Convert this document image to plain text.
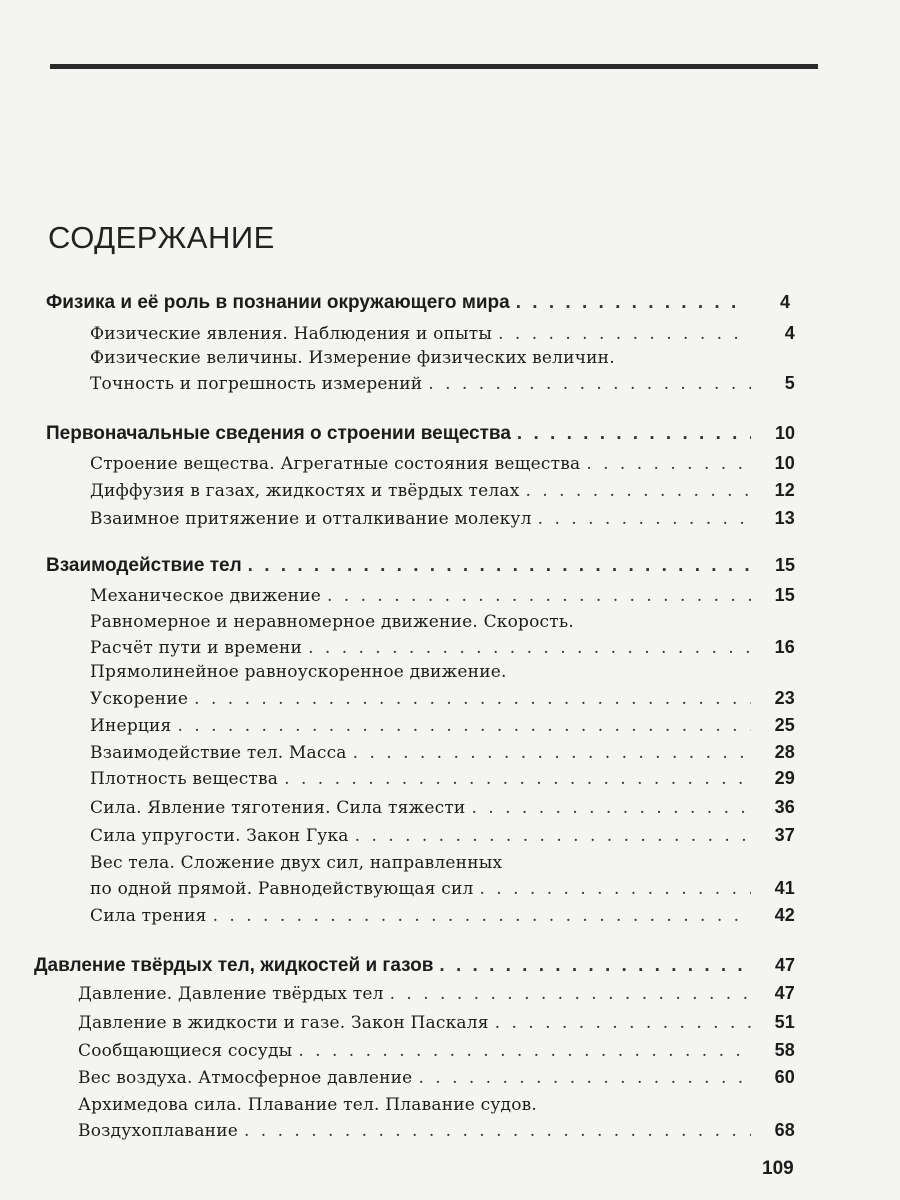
СОДЕРЖАНИЕ
Физика и её роль в познании окружающего мира . . .	4
Физические явления. Наблюдения и опыты . . .	4
Физические величины. Измерение физических величин.
Точность и погрешность измерений . . .	5
Первоначальные сведения о строении вещества . . .	10
Строение вещества. Агрегатные состояния вещества . . .	10
Диффузия в газах, жидкостях и твёрдых телах . . .	12
Взаимное притяжение и отталкивание молекул . . .	13
Взаимодействие тел . . .	15
Механическое движение . . .	15
Равномерное и неравномерное движение. Скорость.
Расчёт пути и времени . . .	16
Прямолинейное равноускоренное движение.
Ускорение . . .	23
Инерция . . .	25
Взаимодействие тел. Масса . . .	28
Плотность вещества . . .	29
Сила. Явление тяготения. Сила тяжести . . .	36
Сила упругости. Закон Гука . . .	37
Вес тела. Сложение двух сил, направленных
по одной прямой. Равнодействующая сил . . .	41
Сила трения . . .	42
Давление твёрдых тел, жидкостей и газов . . .	47
Давление. Давление твёрдых тел . . .	47
Давление в жидкости и газе. Закон Паскаля . . .	51
Сообщающиеся сосуды . . .	58
Вес воздуха. Атмосферное давление . . .	60
Архимедова сила. Плавание тел. Плавание судов.
Воздухоплавание . . .	68
109
